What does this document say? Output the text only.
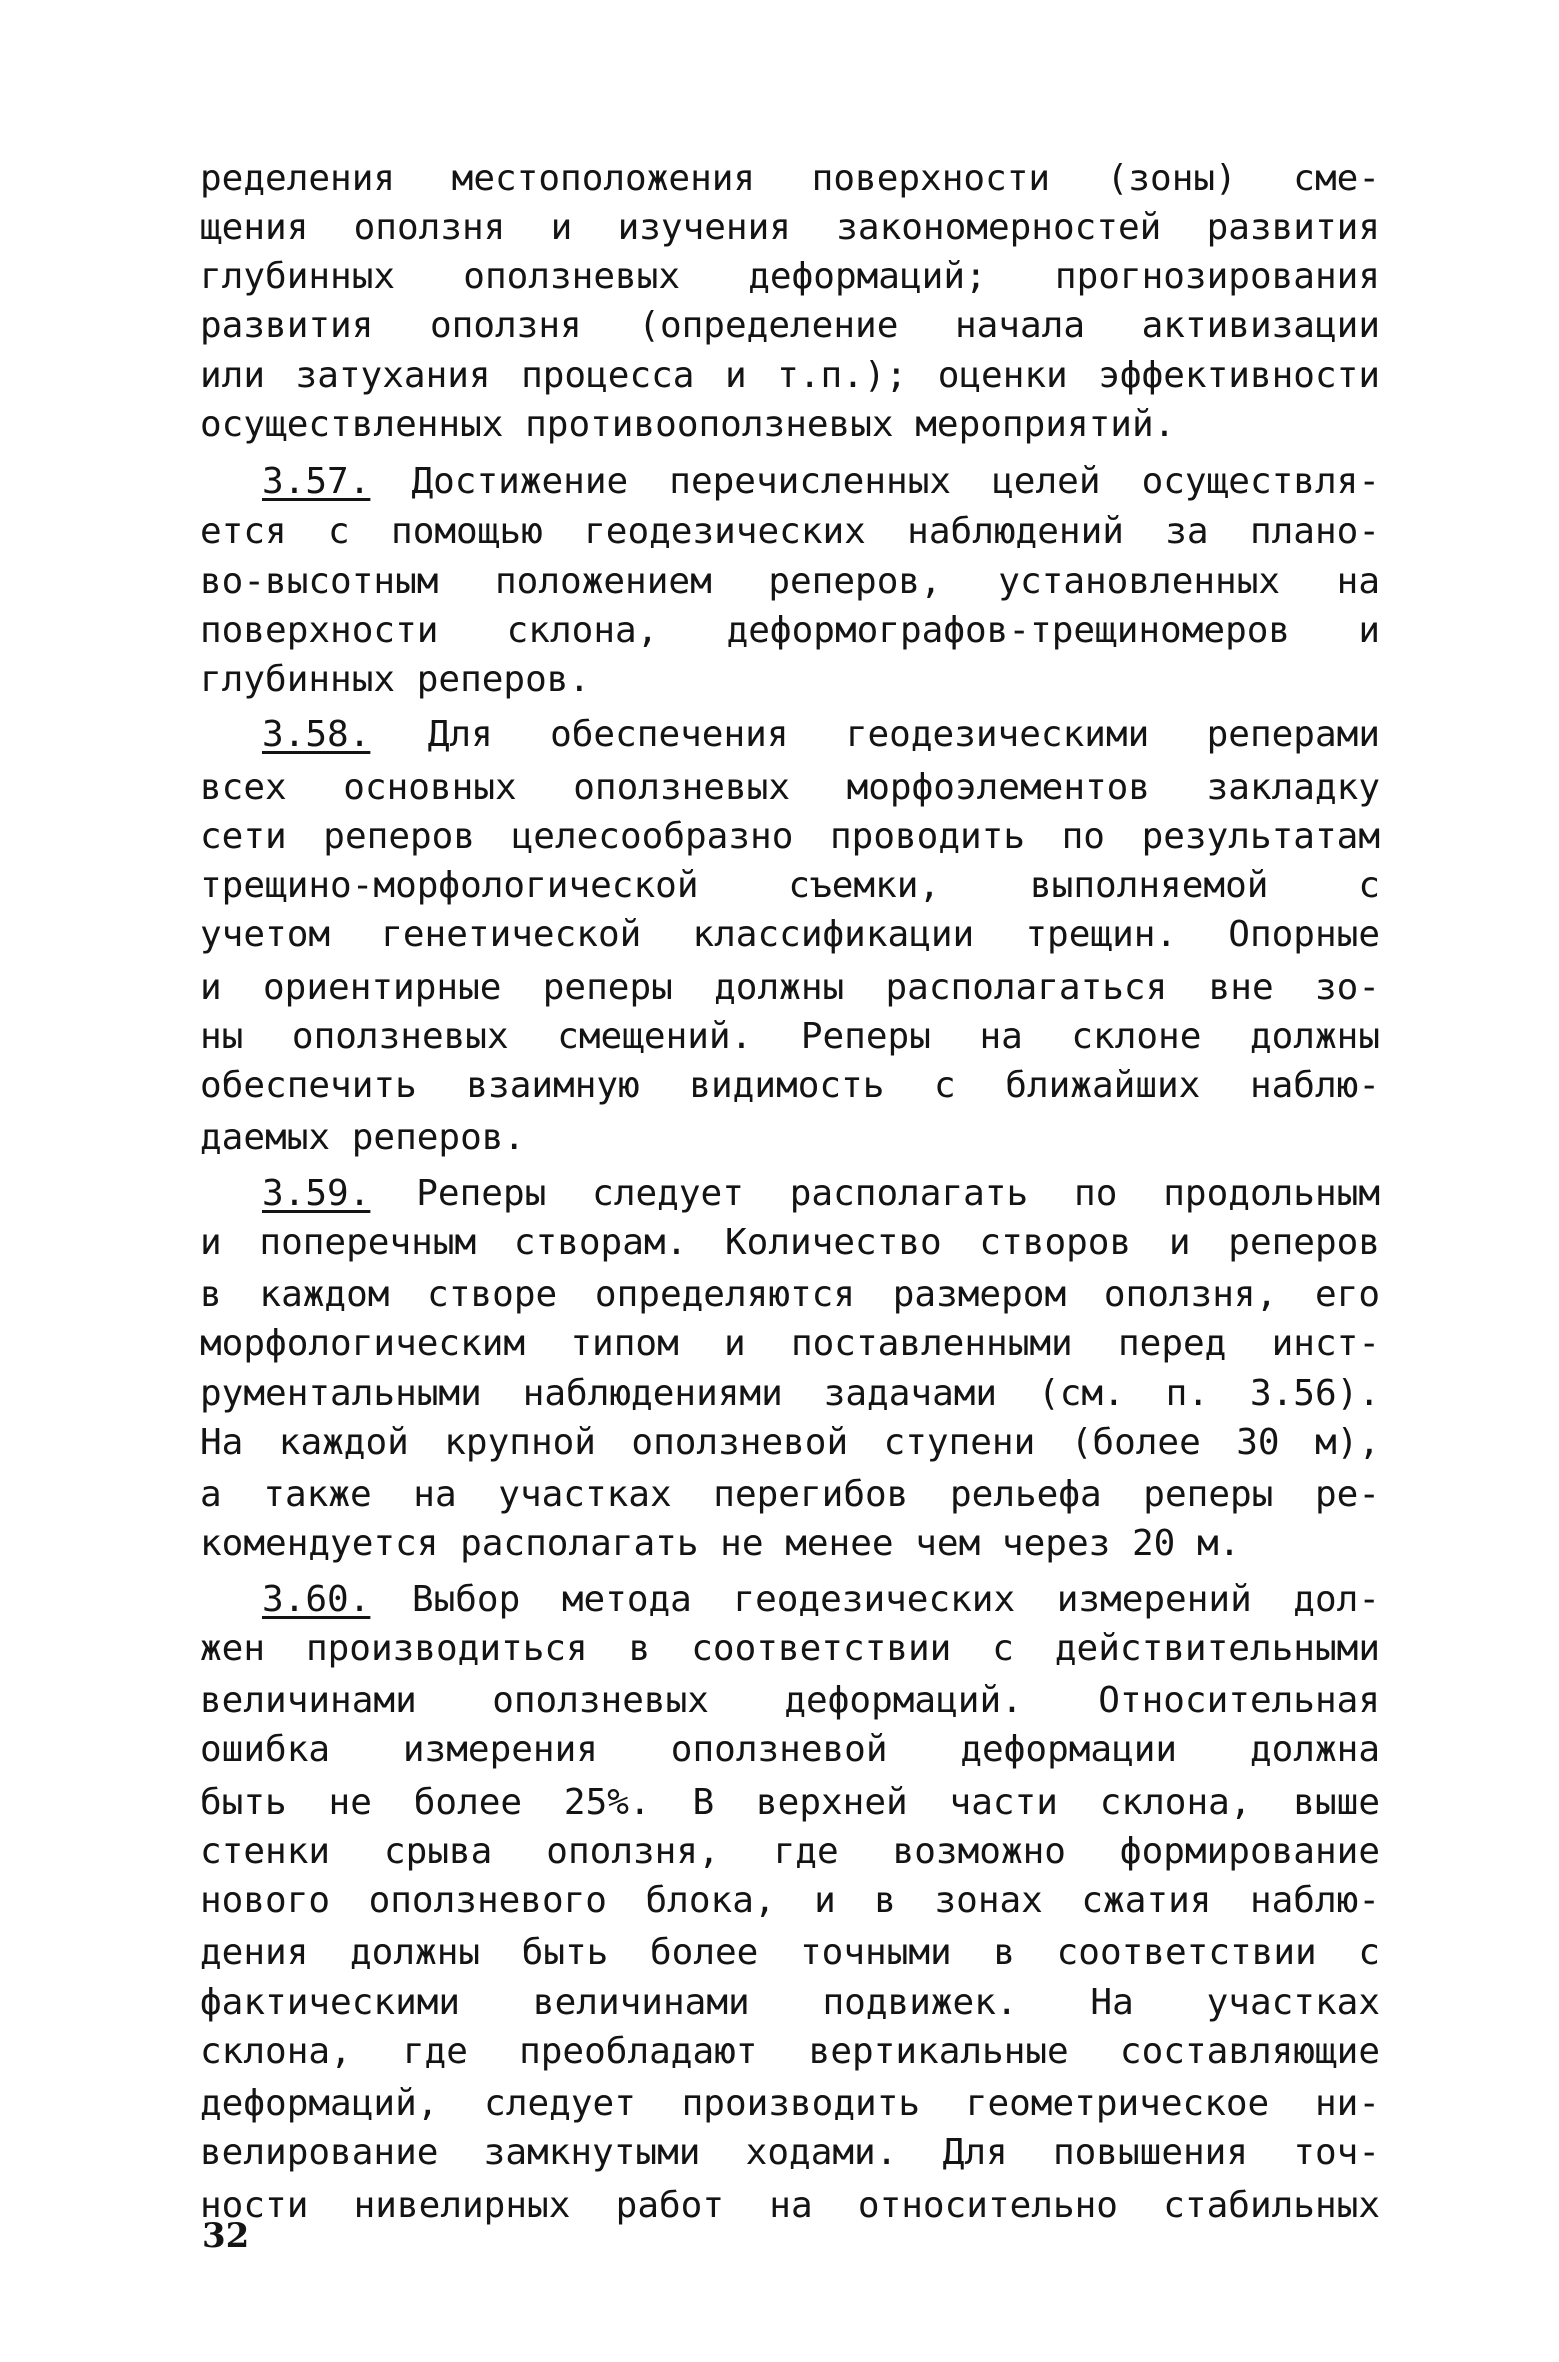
ределения местоположения поверхности (зоны) сме-
щения оползня и изучения закономерностей развития
глубинных оползневых деформаций; прогнозирования
развития оползня (определение начала активизации
или затухания процесса и т.п.); оценки эффективности
осуществленных противооползневых мероприятий.
3.57. Достижение перечисленных целей осуществля-
ется с помощью геодезических наблюдений за плано-
во-высотным положением реперов, установленных на
поверхности склона, деформографов-трещиномеров и
глубинных реперов.
3.58. Для обеспечения геодезическими реперами
всех основных оползневых морфоэлементов закладку
сети реперов целесообразно проводить по результатам
трещино-морфологической съемки, выполняемой с
учетом генетической классификации трещин. Опорные
и ориентирные реперы должны располагаться вне зо-
ны оползневых смещений. Реперы на склоне должны
обеспечить взаимную видимость с ближайших наблю-
даемых реперов.
3.59. Реперы следует располагать по продольным
и поперечным створам. Количество створов и реперов
в каждом створе определяются размером оползня, его
морфологическим типом и поставленными перед инст-
рументальными наблюдениями задачами (см. п. 3.56).
На каждой крупной оползневой ступени (более 30 м),
а также на участках перегибов рельефа реперы ре-
комендуется располагать не менее чем через 20 м.
3.60. Выбор метода геодезических измерений дол-
жен производиться в соответствии с действительными
величинами оползневых деформаций. Относительная
ошибка измерения оползневой деформации должна
быть не более 25%. В верхней части склона, выше
стенки срыва оползня, где возможно формирование
нового оползневого блока, и в зонах сжатия наблю-
дения должны быть более точными в соответствии с
фактическими величинами подвижек. На участках
склона, где преобладают вертикальные составляющие
деформаций, следует производить геометрическое ни-
велирование замкнутыми ходами. Для повышения точ-
ности нивелирных работ на относительно стабильных
32
